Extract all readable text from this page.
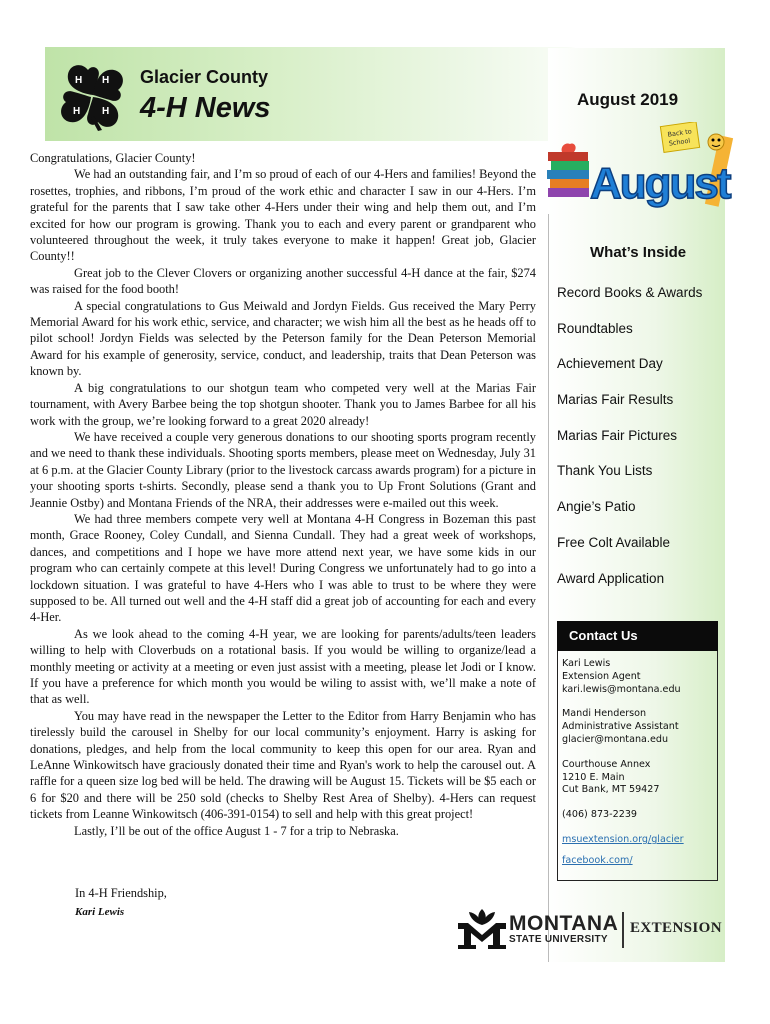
H H
H
H
Glacier County
4-H News	August 2019
Back to
School
August

Congratulations, Glacier County!

We had an outstanding fair, and I’m so proud of each of our 4-Hers and families! Beyond the rosettes, trophies, and ribbons, I’m proud of the work ethic and character I saw in our 4-Hers. I’m grateful for the parents that I saw take other 4-Hers under their wing and help them out, and I’m excited for how our program is growing. Thank you to each and every parent or grandparent who volunteered throughout the week, it truly takes everyone to make it happen! Great job, Glacier County!!

Great job to the Clever Clovers or organizing another successful 4-H dance at the fair, $274 was raised for the food booth!

A special congratulations to Gus Meiwald and Jordyn Fields. Gus received the Mary Perry Memorial Award for his work ethic, service, and character; we wish him all the best as he heads off to pilot school! Jordyn Fields was selected by the Peterson family for the Dean Peterson Memorial Award for his example of generosity, service, conduct, and leadership, traits that Dean Peterson was known by.

A big congratulations to our shotgun team who competed very well at the Marias Fair tournament, with Avery Barbee being the top shotgun shooter. Thank you to James Barbee for all his work with the group, we’re looking forward to a great 2020 already!

We have received a couple very generous donations to our shooting sports program recently and we need to thank these individuals. Shooting sports members, please meet on Wednesday, July 31 at 6 p.m. at the Glacier County Library (prior to the livestock carcass awards program) for a picture in your shooting sports t-shirts. Secondly, please send a thank you to Up Front Solutions (Grant and Jeannie Ostby) and Montana Friends of the NRA, their addresses were e-mailed out this week.

We had three members compete very well at Montana 4-H Congress in Bozeman this past month, Grace Rooney, Coley Cundall, and Sienna Cundall. They had a great week of workshops, dances, and competitions and I hope we have more attend next year, we have some kids in our program who can certainly compete at this level! During Congress we unfortunately had to go into a lockdown situation. I was grateful to have 4-Hers who I was able to trust to be where they were supposed to be. All turned out well and the 4-H staff did a great job of accounting for each and every 4-Her.

As we look ahead to the coming 4-H year, we are looking for parents/adults/teen leaders willing to help with Cloverbuds on a rotational basis. If you would be willing to organize/lead a monthly meeting or activity at a meeting or even just assist with a meeting, please let Jodi or I know. If you have a preference for which month you would be wiling to assist with, we’ll make a note of that as well.

You may have read in the newspaper the Letter to the Editor from Harry Benjamin who has tirelessly build the carousel in Shelby for our local community’s enjoyment. Harry is asking for donations, pledges, and help from the local community to keep this open for our area. Ryan and LeAnne Winkowitsch have graciously donated their time and Ryan's work to help the carousel out. A raffle for a queen size log bed will be held. The drawing will be August 15. Tickets will be $5 each or 6 for $20 and there will be 250 sold (checks to Shelby Rest Area of Shelby). 4-Hers can request tickets from Leanne Winkowitsch (406-391-0154) to sell and help with this great project!

Lastly, I’ll be out of the office August 1 - 7 for a trip to Nebraska.

In 4-H Friendship,
Kari Lewis
What’s Inside
Record Books & Awards
Roundtables
Achievement Day
Marias Fair Results
Marias Fair Pictures
Thank You Lists
Angie’s Patio
Free Colt Available
Award Application
Contact Us
Kari Lewis
Extension Agent
kari.lewis@montana.edu
Mandi Henderson
Administrative Assistant
glacier@montana.edu
Courthouse Annex
1210 E. Main
Cut Bank, MT 59427
(406) 873-2239
msuextension.org/glacier
facebook.com/
MONTANA
STATE UNIVERSITY
EXTENSION
